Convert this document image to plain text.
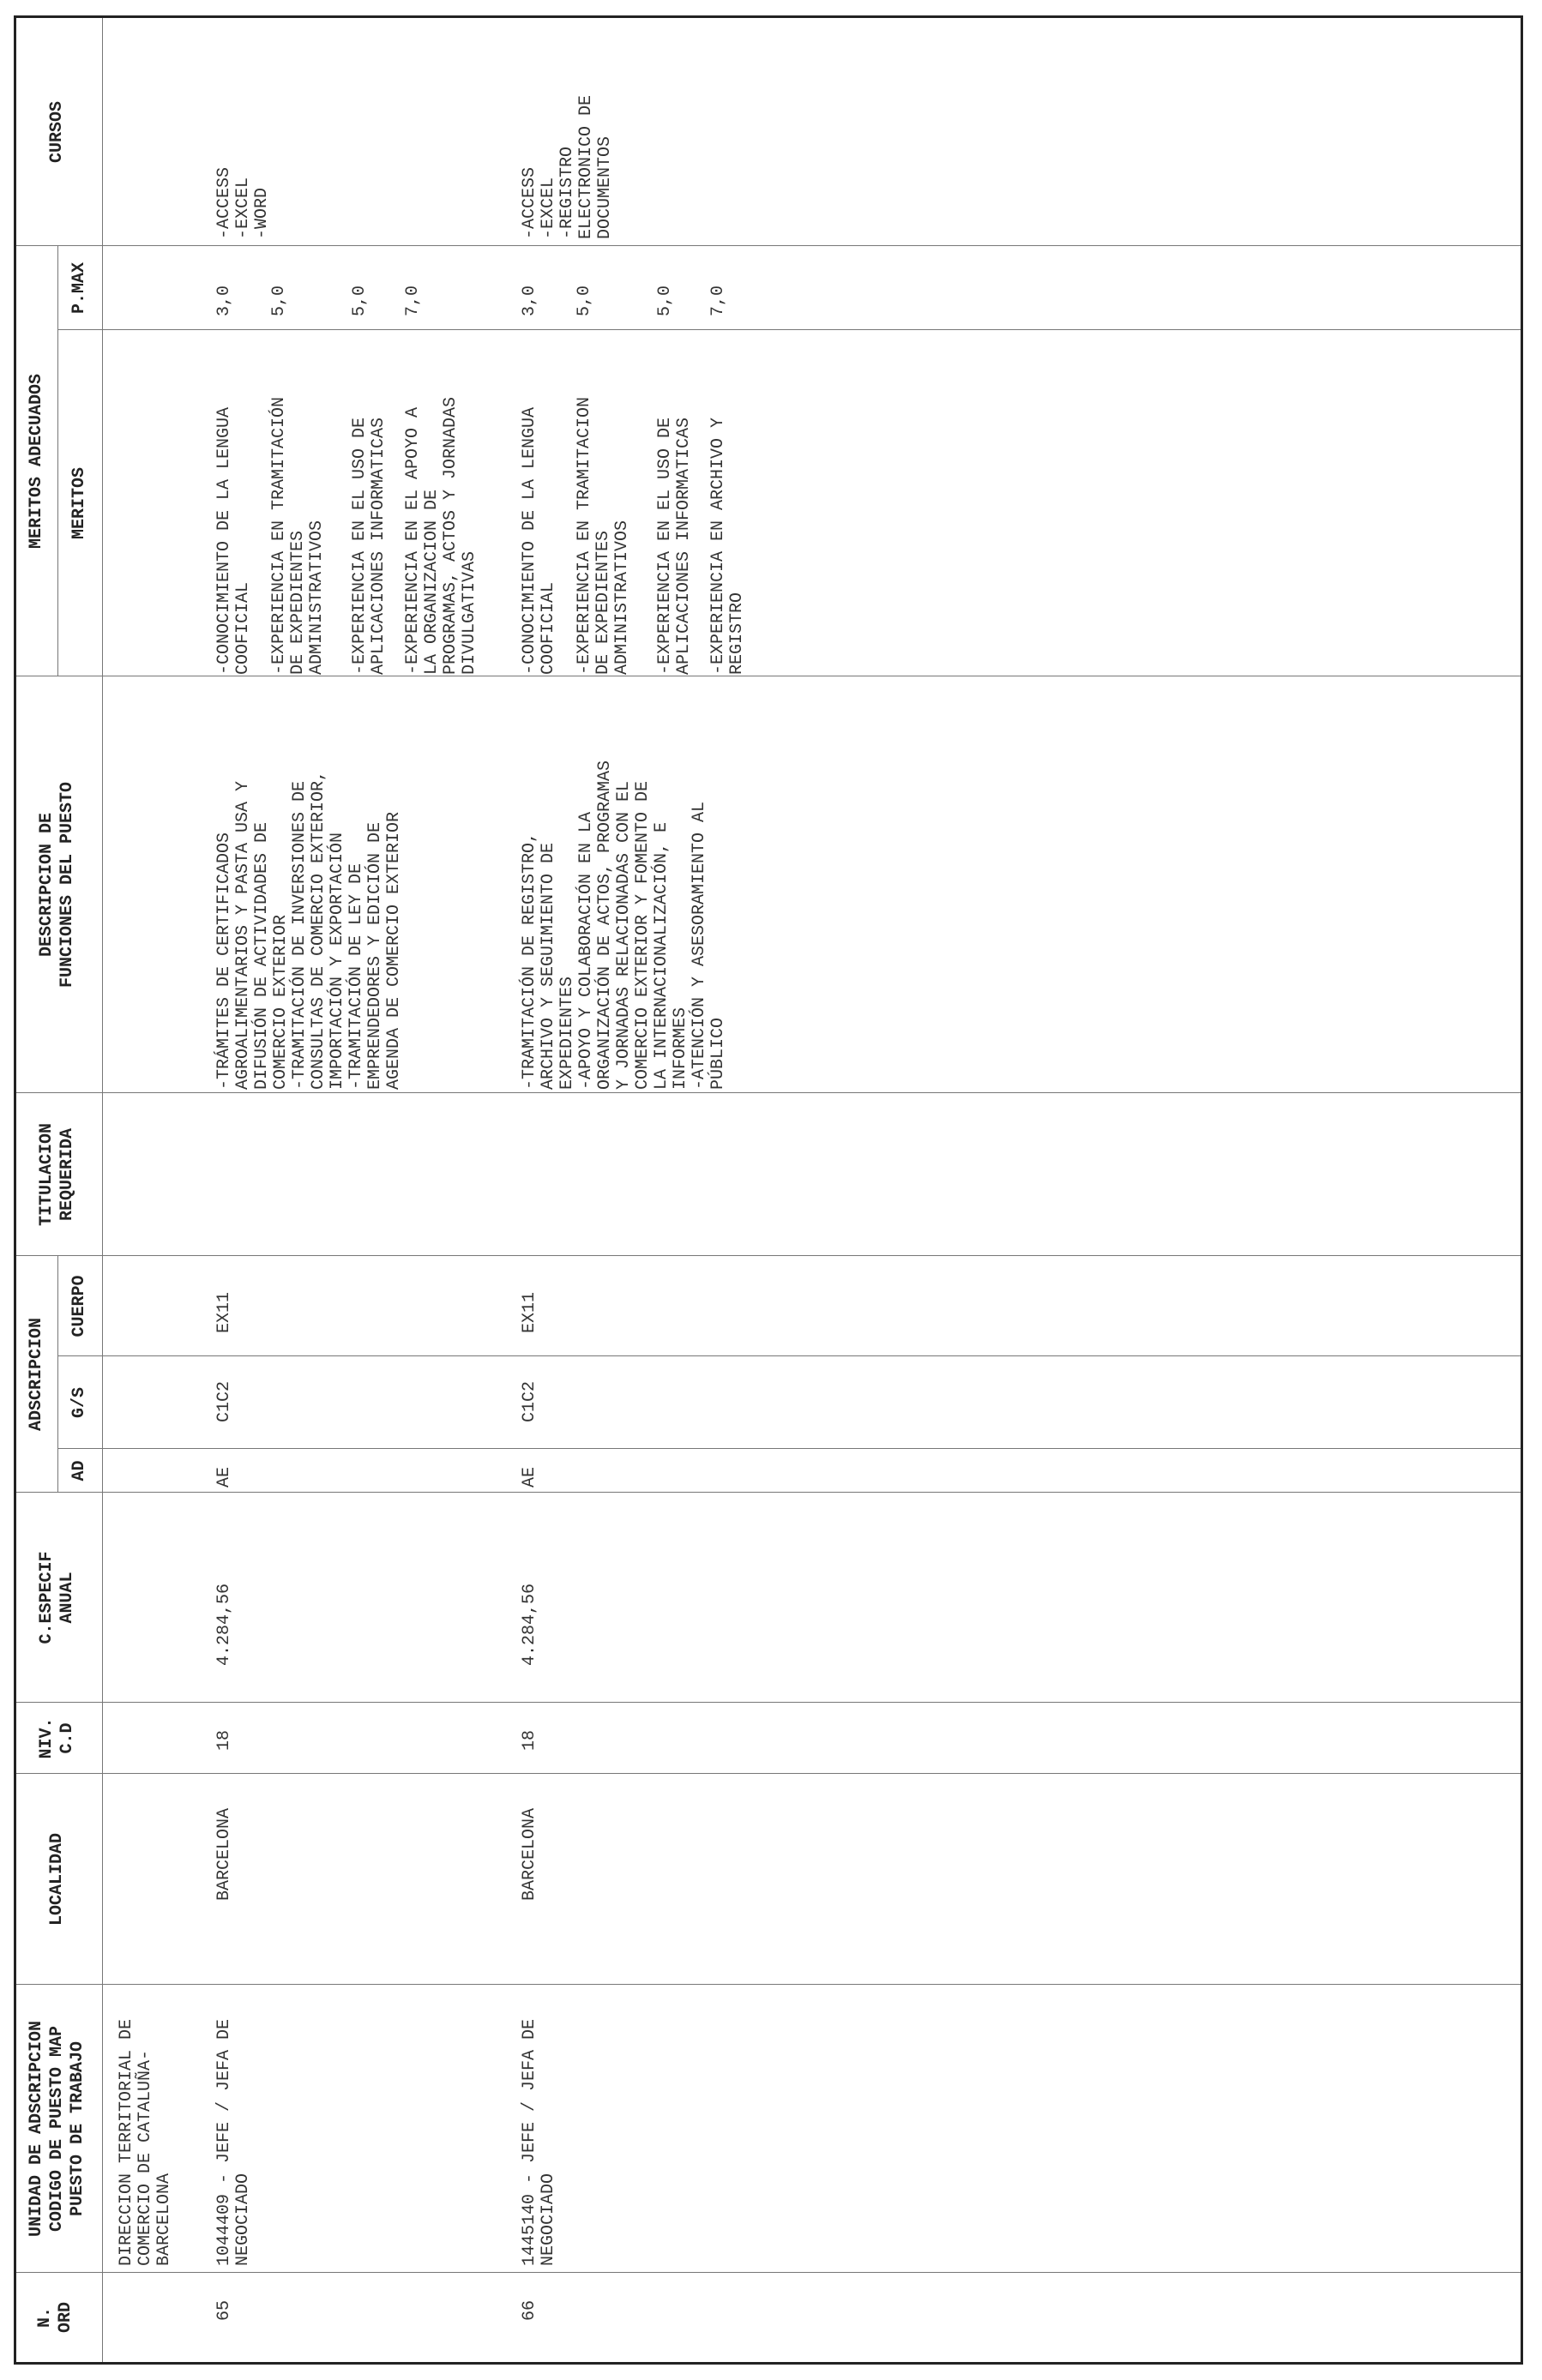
N.
ORD
UNIDAD DE ADSCRIPCION
CODIGO DE PUESTO MAP
PUESTO DE TRABAJO
LOCALIDAD
NIV.
C.D
C.ESPECIF
ANUAL
ADSCRIPCION
AD
G/S
CUERPO
TITULACION
REQUERIDA
DESCRIPCION DE
FUNCIONES DEL PUESTO
MERITOS ADECUADOS MERITOS
P.MAX
CURSOS
DIRECCION TERRITORIAL DE
COMERCIO DE CATALUÑA-
BARCELONA
65
1044409 - JEFE / JEFA DE
NEGOCIADO
BARCELONA
18
4.284,56
AE
C1C2
EX11
-TRÁMITES DE CERTIFICADOS
AGROALIMENTARIOS Y PASTA USA Y
DIFUSIÓN DE ACTIVIDADES DE
COMERCIO EXTERIOR
-TRAMITACIÓN DE INVERSIONES DE
CONSULTAS DE COMERCIO EXTERIOR,
IMPORTACIÓN Y EXPORTACIÓN
-TRAMITACIÓN DE LEY DE
EMPRENDEDORES Y EDICIÓN DE
AGENDA DE COMERCIO EXTERIOR
-CONOCIMIENTO DE LA LENGUA
COOFICIAL -EXPERIENCIA EN TRAMITACIÓN
DE EXPEDIENTES
ADMINISTRATIVOS -EXPERIENCIA EN EL USO DE
APLICACIONES INFORMATICAS
-EXPERIENCIA EN EL APOYO A
LA ORGANIZACION DE
PROGRAMAS, ACTOS Y JORNADAS
DIVULGATIVAS
3,0 5,0	5,0 7,0
-ACCESS
-EXCEL
-WORD
66
1445140 - JEFE / JEFA DE
NEGOCIADO
BARCELONA
18
4.284,56
AE
C1C2
EX11
-TRAMITACIÓN DE REGISTRO,
ARCHIVO Y SEGUIMIENTO DE
EXPEDIENTES
-APOYO Y COLABORACIÓN EN LA
ORGANIZACIÓN DE ACTOS, PROGRAMAS
Y JORNADAS RELACIONADAS CON EL
COMERCIO EXTERIOR Y FOMENTO DE
LA INTERNACIONALIZACIÓN, E
INFORMES
-ATENCIÓN Y ASESORAMIENTO AL
PÚBLICO
-CONOCIMIENTO DE LA LENGUA
COOFICIAL -EXPERIENCIA EN TRAMITACION
DE EXPEDIENTES
ADMINISTRATIVOS -EXPERIENCIA EN EL USO DE
APLICACIONES INFORMATICAS
-EXPERIENCIA EN ARCHIVO Y
REGISTRO
3,0 5,0	5,0 7,0
-ACCESS
-EXCEL
-REGISTRO
ELECTRONICO DE
DOCUMENTOS
